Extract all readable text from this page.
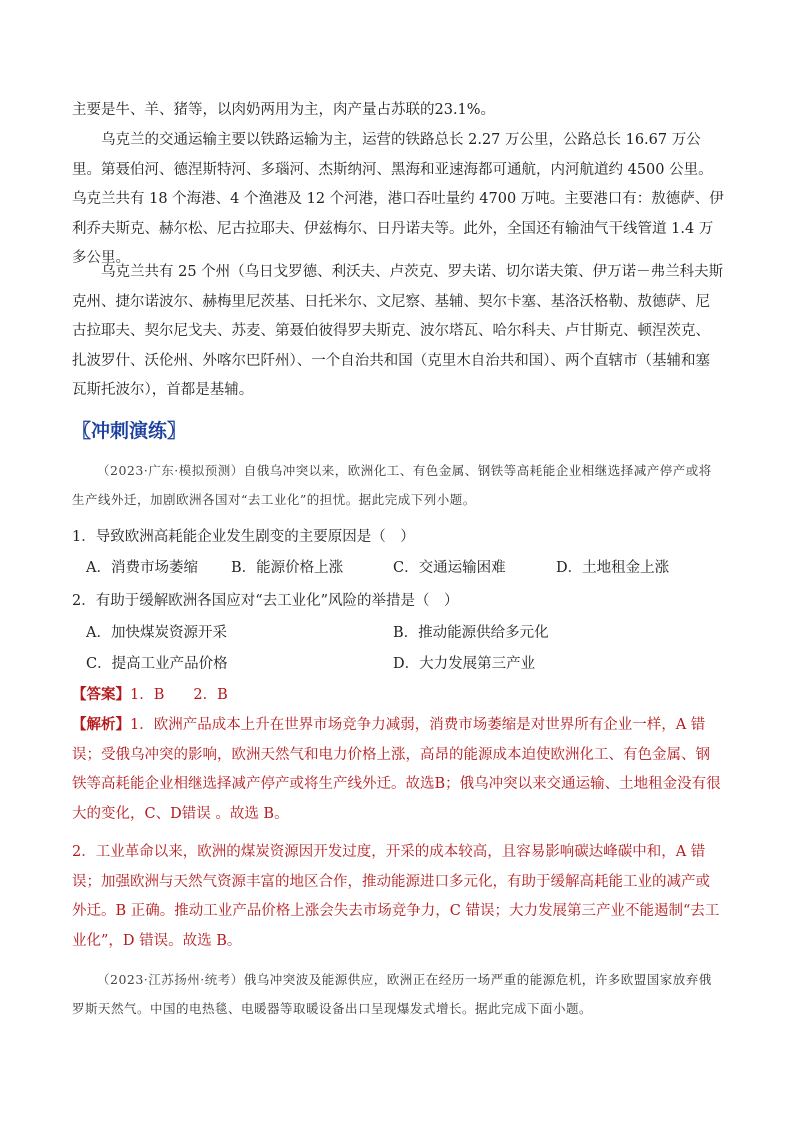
主要是牛、羊、猪等，以肉奶两用为主，肉产量占苏联的23.1%。
乌克兰的交通运输主要以铁路运输为主，运营的铁路总长 2.27 万公里，公路总长 16.67 万公里。第聂伯河、德涅斯特河、多瑙河、杰斯纳河、黑海和亚速海都可通航，内河航道约 4500 公里。乌克兰共有 18 个海港、4 个渔港及 12 个河港，港口吞吐量约 4700 万吨。主要港口有：敖德萨、伊利乔夫斯克、赫尔松、尼古拉耶夫、伊兹梅尔、日丹诺夫等。此外，全国还有输油气干线管道 1.4 万多公里。
乌克兰共有 25 个州（乌日戈罗德、利沃夫、卢茨克、罗夫诺、切尔诺夫策、伊万诺－弗兰科夫斯克州、捷尔诺波尔、赫梅里尼茨基、日托米尔、文尼察、基辅、契尔卡塞、基洛沃格勒、敖德萨、尼古拉耶夫、契尔尼戈夫、苏麦、第聂伯彼得罗夫斯克、波尔塔瓦、哈尔科夫、卢甘斯克、顿涅茨克、扎波罗什、沃伦州、外喀尔巴阡州）、一个自治共和国（克里木自治共和国）、两个直辖市（基辅和塞瓦斯托波尔），首都是基辅。
〖冲刺演练〗
（2023·广东·模拟预测）自俄乌冲突以来，欧洲化工、有色金属、钢铁等高耗能企业相继选择减产停产或将生产线外迁，加剧欧洲各国对“去工业化”的担忧。据此完成下列小题。
1．导致欧洲高耗能企业发生剧变的主要原因是（　）
A．消费市场萎缩 B．能源价格上涨	C．交通运输困难	D．土地租金上涨
2．有助于缓解欧洲各国应对“去工业化”风险的举措是（　）
A．加快煤炭资源开采	B．推动能源供给多元化
C．提高工业产品价格	D．大力发展第三产业
【答案】1．B　　2．B
【解析】1．欧洲产品成本上升在世界市场竞争力减弱，消费市场萎缩是对世界所有企业一样，A 错误；受俄乌冲突的影响，欧洲天然气和电力价格上涨，高昂的能源成本迫使欧洲化工、有色金属、钢铁等高耗能企业相继选择减产停产或将生产线外迁。故选B；俄乌冲突以来交通运输、土地租金没有很大的变化，C、D错误 。故选 B。
2．工业革命以来，欧洲的煤炭资源因开发过度，开采的成本较高，且容易影响碳达峰碳中和，A 错误；加强欧洲与天然气资源丰富的地区合作，推动能源进口多元化，有助于缓解高耗能工业的减产或外迁。B 正确。推动工业产品价格上涨会失去市场竞争力，C 错误；大力发展第三产业不能遏制“去工业化”，D 错误。故选 B。
（2023·江苏扬州·统考）俄乌冲突波及能源供应，欧洲正在经历一场严重的能源危机，许多欧盟国家放弃俄罗斯天然气。中国的电热毯、电暖器等取暖设备出口呈现爆发式增长。据此完成下面小题。
